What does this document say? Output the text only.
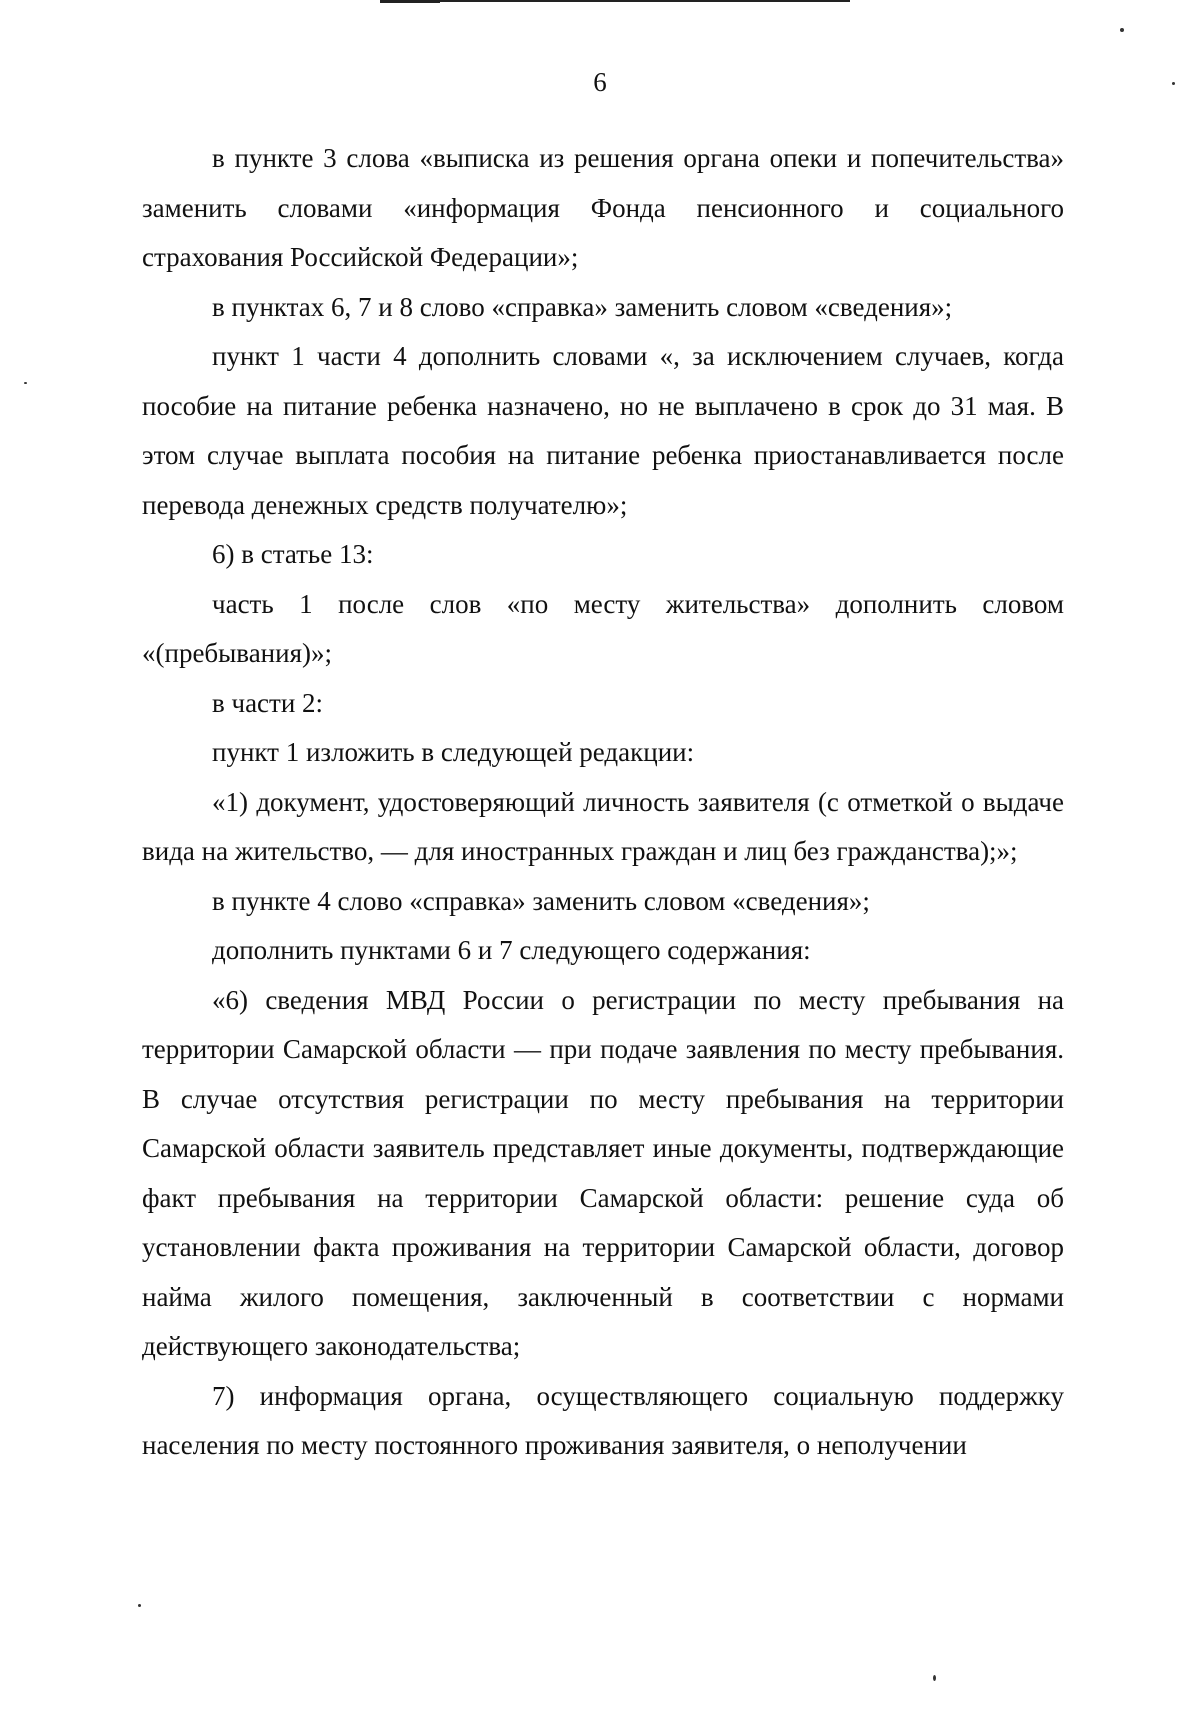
6

в пункте 3 слова «выписка из решения органа опеки и попечительства» заменить словами «информация Фонда пенсионного и социального страхования Российской Федерации»;

в пунктах 6, 7 и 8 слово «справка» заменить словом «сведения»;

пункт 1 части 4 дополнить словами «, за исключением случаев, когда пособие на питание ребенка назначено, но не выплачено в срок до 31 мая. В этом случае выплата пособия на питание ребенка приостанавливается после перевода денежных средств получателю»;

6) в статье 13:

часть 1 после слов «по месту жительства» дополнить словом «(пребывания)»;

в части 2:

пункт 1 изложить в следующей редакции:

«1) документ, удостоверяющий личность заявителя (с отметкой о выдаче вида на жительство, — для иностранных граждан и лиц без гражданства);»;

в пункте 4 слово «справка» заменить словом «сведения»;

дополнить пунктами 6 и 7 следующего содержания:

«6) сведения МВД России о регистрации по месту пребывания на территории Самарской области — при подаче заявления по месту пребывания. В случае отсутствия регистрации по месту пребывания на территории Самарской области заявитель представляет иные документы, подтверждающие факт пребывания на территории Самарской области: решение суда об установлении факта проживания на территории Самарской области, договор найма жилого помещения, заключенный в соответствии с нормами действующего законодательства;

7) информация органа, осуществляющего социальную поддержку населения по месту постоянного проживания заявителя, о неполучении
